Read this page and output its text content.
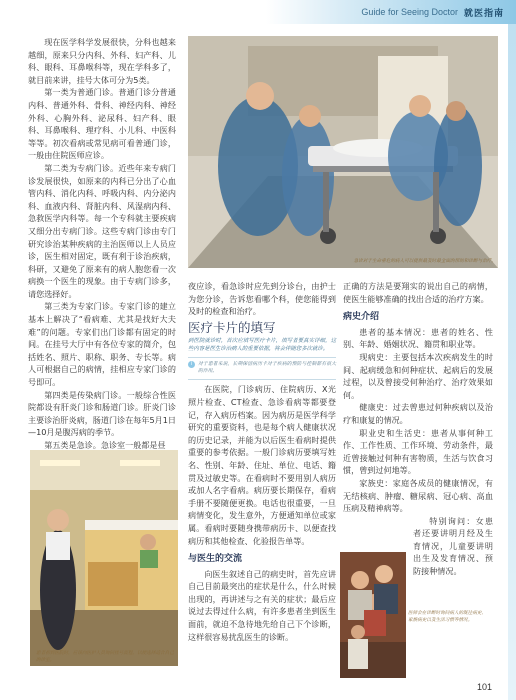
Guide for Seeing Doctor 就医指南

现在医学科学发展很快，分科也越来越细，原来只分内科、外科、妇产科、儿科、眼科、耳鼻喉科等，现在学科多了，就目前来讲，挂号大体可分为5类。

第一类为普通门诊。普通门诊分普通内科、普通外科、骨科、神经内科、神经外科、心胸外科、泌尿科、妇产科、眼科、耳鼻喉科、理疗科、小儿科、中医科等等。初次看病或常见病可看普通门诊，一般由住院医师应诊。

第二类为专病门诊。近些年来专病门诊发展很快，如原来的内科已分出了心血管内科、消化内科、呼吸内科、内分泌内科、血液内科、肾脏内科、风湿病内科、急救医学内科等。每一个专科就主要疾病又细分出专病门诊。这些专病门诊由专门研究诊治某种疾病的主治医师以上人员应诊，医生相对固定，既有利于诊治疾病，科研，又避免了原来有的病人胞您看一次病换一个医生的现象。由于专病门诊多，请您选择好。

第三类为专家门诊。专家门诊的建立基本上解决了“看病难、尤其是找好大夫难”的问题。专家们出门诊都有固定的时间。在挂号大厅中有各位专家的简介，包括姓名、照片、职称、职务、专长等。病人可根据自己的病情，挂相应专家门诊的号即可。

第四类是传染病门诊。一般综合性医院都设有肝炎门诊和肠道门诊。肝炎门诊主要诊治肝炎病，肠道门诊在每年5月1日—10月是腹泻病的季节。

第五类是急诊。急诊室一般都是昼

急诊对于生命垂危的病人可以提供最及时最全面的帮助和诊断与治疗。
患者初到医院时，应该向医护人员询问挂号流程，以便选择适合自己的诊室。

夜应诊，看急诊时应先到分诊台，由护士为您分诊，告诉您看哪个科，使您能得到及时的检查和治疗。

医疗卡片的填写
到医院就诊时，首次应填写医疗卡片，填写者要真实详细，这些内容是医生诊治病人的重要依据，将会伴随您多次就诊。
i	对于患者来说，长期保留病历卡对于疾病的预防与控制都有很大的作用。

在医院，门诊病历、住院病历、X光照片检查、CT检查、急诊看病等都要登记，存入病历档案。因为病历是医学科学研究的重要资料，也是每个病人健康状况的历史记录，并能为以后医生看病时提供重要的参考依据。一般门诊病历要填写姓名、性别、年龄、住址、单位、电话、籍贯及过敏史等。在看病时不要用别人病历或加人名字看病。病历要长期保存，看病手册不要随便更换。电话也很重要，一旦病情变化，发生意外，方便通知单位或家属。看病时要随身携带病历卡、以便查找病历和其他检查、化验报告单等。

与医生的交流

向医生叙述自己的病史时，首先应讲自己目前最突出的症状是什么，什么时候出现的，再讲述与之有关的症状；最后应说过去得过什么病，有许多患者坐到医生面前，就迫不急待地先给自己下个诊断，这样很容易扰乱医生的诊断。

正确的方法是要翔实的说出自己的病情，使医生能够准确的找出合适的治疗方案。

病史介绍

患者的基本情况：患者的姓名、性别、年龄、婚姻状况、籍贯和职业等。

现病史：主要包括本次疾病发生的时间、起病缓急和何种症状、起病后的发展过程，以及曾接受何种治疗、治疗效果如何。

健康史：过去曾患过何种疾病以及治疗和康复的情况。

职业史和生活史：患者从事何种工作、工作性质、工作环境、劳动条件，最近曾接触过何种有害物质，生活与饮食习惯，曾到过何地等。

家族史：家庭各成员的健康情况，有无结核病、肿瘤、糖尿病、冠心病、高血压病及精神病等。

特别询问：女患者还要讲明月经及生育情况，儿童要讲明出生及发育情况、预防接种情况。

医师会在诊断时询问病人的既往病史、家族病史以及生活习惯等情况。
101
